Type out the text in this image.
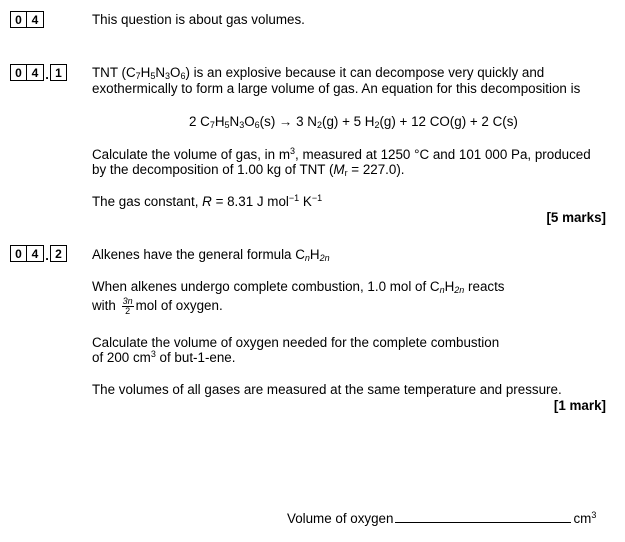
0 4	This question is about gas volumes.
0 4 . 1	TNT $(C_7H_5N_3O_6)$ is an explosive because it can decompose very quickly and
exothermically to form a large volume of gas. An equation for this decomposition is
2 $C_7H_5N_3O_6(s) \to 3$ $N_2(g) + 5$ $H_2(g) + 12$ CO(g) + 2 C(s)
Calculate the volume of gas, in $m^3$, measured at 1250 °C and 101 000 Pa, produced
by the decomposition of 1.00 kg of TNT $(M_r = 227.0)$.
The gas constant, R = 8.31 J mol$^{-1}$ $K^{-1}$
[5 marks]
0 4 . 2	Alkenes have the general formula $C_nH_{2n}$
When alkenes undergo complete combustion, 1.0 mol of $C_nH_{2n}$ reacts
with $\frac{3n}{2}$ mol of oxygen.
Calculate the volume of oxygen needed for the complete combustion
of 200 $cm^3$ of but-1-ene.
The volumes of all gases are measured at the same temperature and pressure.
[1 mark]
Volume of oxygen	$cm^3$
